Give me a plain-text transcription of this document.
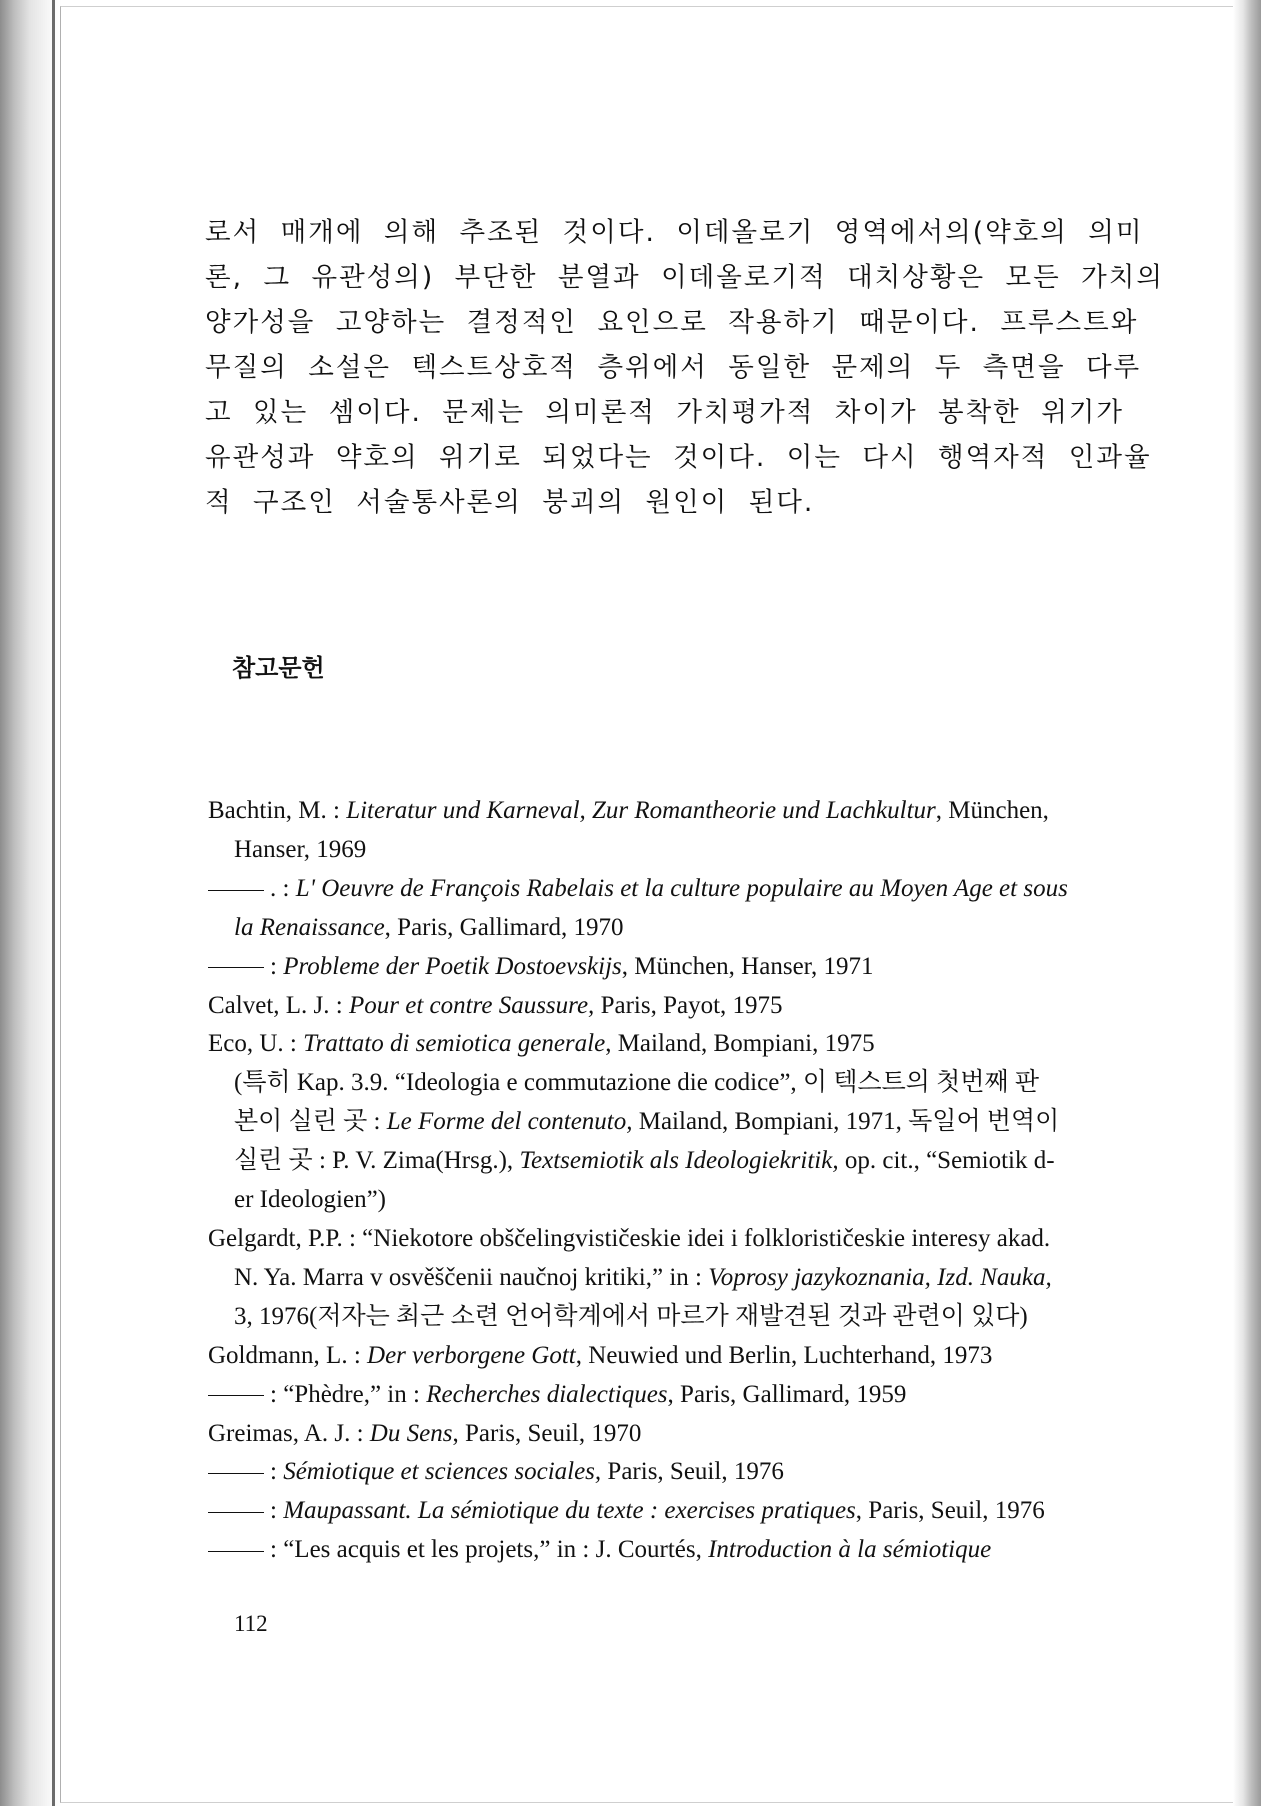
로서 매개에 의해 추조된 것이다. 이데올로기 영역에서의(약호의 의미
론, 그 유관성의) 부단한 분열과 이데올로기적 대치상황은 모든 가치의
양가성을 고양하는 결정적인 요인으로 작용하기 때문이다. 프루스트와
무질의 소설은 텍스트상호적 층위에서 동일한 문제의 두 측면을 다루
고 있는 셈이다. 문제는 의미론적 가치평가적 차이가 봉착한 위기가
유관성과 약호의 위기로 되었다는 것이다. 이는 다시 행역자적 인과율
적 구조인 서술통사론의 붕괴의 원인이 된다.
참고문헌
Bachtin, M. : Literatur und Karneval, Zur Romantheorie und Lachkultur, München,
Hanser, 1969
. : L' Oeuvre de François Rabelais et la culture populaire au Moyen Age et sous
la Renaissance, Paris, Gallimard, 1970
: Probleme der Poetik Dostoevskijs, München, Hanser, 1971
Calvet, L. J. : Pour et contre Saussure, Paris, Payot, 1975
Eco, U. : Trattato di semiotica generale, Mailand, Bompiani, 1975
(특히 Kap. 3.9. “Ideologia e commutazione die codice”, 이 텍스트의 첫번째 판
본이 실린 곳 : Le Forme del contenuto, Mailand, Bompiani, 1971, 독일어 번역이
실린 곳 : P. V. Zima(Hrsg.), Textsemiotik als Ideologiekritik, op. cit., “Semiotik d-
er Ideologien”)
Gelgardt, P.P. : “Niekotore obščelingvističeskie idei i folklorističeskie interesy akad.
N. Ya. Marra v osvěščenii naučnoj kritiki,” in : Voprosy jazykoznania, Izd. Nauka,
3, 1976(저자는 최근 소련 언어학계에서 마르가 재발견된 것과 관련이 있다)
Goldmann, L. : Der verborgene Gott, Neuwied und Berlin, Luchterhand, 1973
: “Phèdre,” in : Recherches dialectiques, Paris, Gallimard, 1959
Greimas, A. J. : Du Sens, Paris, Seuil, 1970
: Sémiotique et sciences sociales, Paris, Seuil, 1976
: Maupassant. La sémiotique du texte : exercises pratiques, Paris, Seuil, 1976
: “Les acquis et les projets,” in : J. Courtés, Introduction à la sémiotique
112
